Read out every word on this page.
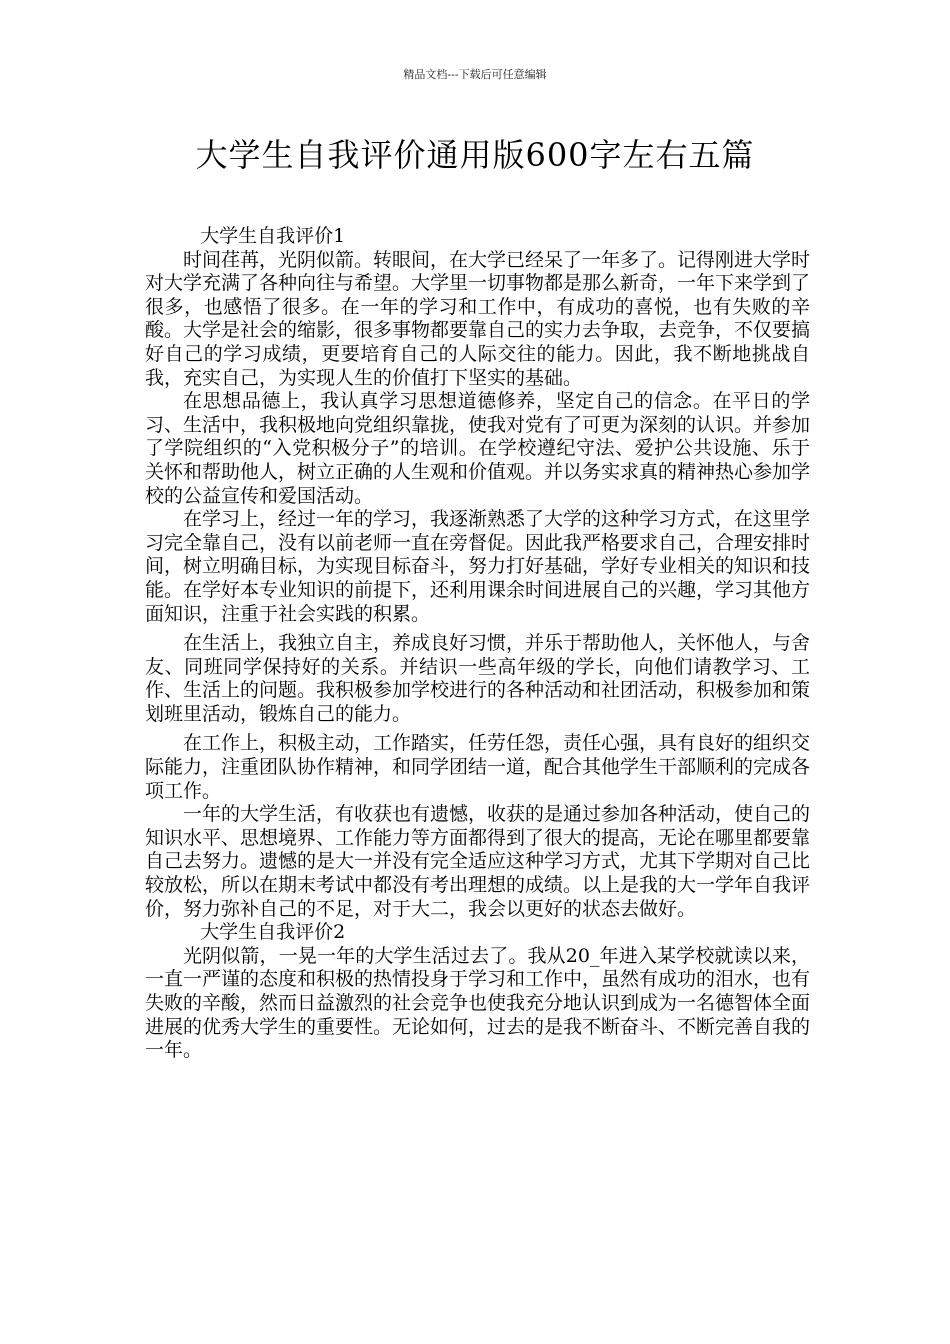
精品文档---下载后可任意编辑
大学生自我评价通用版600字左右五篇
大学生自我评价1

时间荏苒，光阴似箭。转眼间，在大学已经呆了一年多了。记得刚进大学时对大学充满了各种向往与希望。大学里一切事物都是那么新奇，一年下来学到了很多，也感悟了很多。在一年的学习和工作中，有成功的喜悦，也有失败的辛酸。大学是社会的缩影，很多事物都要靠自己的实力去争取，去竞争，不仅要搞好自己的学习成绩，更要培育自己的人际交往的能力。因此，我不断地挑战自我，充实自己，为实现人生的价值打下坚实的基础。

在思想品德上，我认真学习思想道德修养，坚定自己的信念。在平日的学习、生活中，我积极地向党组织靠拢，使我对党有了可更为深刻的认识。并参加了学院组织的“入党积极分子”的培训。在学校遵纪守法、爱护公共设施、乐于关怀和帮助他人，树立正确的人生观和价值观。并以务实求真的精神热心参加学校的公益宣传和爱国活动。

在学习上，经过一年的学习，我逐渐熟悉了大学的这种学习方式，在这里学习完全靠自己，没有以前老师一直在旁督促。因此我严格要求自己，合理安排时间，树立明确目标，为实现目标奋斗，努力打好基础，学好专业相关的知识和技能。在学好本专业知识的前提下，还利用课余时间进展自己的兴趣，学习其他方面知识，注重于社会实践的积累。

在生活上，我独立自主，养成良好习惯，并乐于帮助他人，关怀他人，与舍友、同班同学保持好的关系。并结识一些高年级的学长，向他们请教学习、工作、生活上的问题。我积极参加学校进行的各种活动和社团活动，积极参加和策划班里活动，锻炼自己的能力。

在工作上，积极主动，工作踏实，任劳任怨，责任心强，具有良好的组织交际能力，注重团队协作精神，和同学团结一道，配合其他学生干部顺利的完成各项工作。

一年的大学生活，有收获也有遗憾，收获的是通过参加各种活动，使自己的知识水平、思想境界、工作能力等方面都得到了很大的提高，无论在哪里都要靠自己去努力。遗憾的是大一并没有完全适应这种学习方式，尤其下学期对自己比较放松，所以在期末考试中都没有考出理想的成绩。以上是我的大一学年自我评价，努力弥补自己的不足，对于大二，我会以更好的状态去做好。

大学生自我评价2

光阴似箭，一晃一年的大学生活过去了。我从20_年进入某学校就读以来，一直一严谨的态度和积极的热情投身于学习和工作中，虽然有成功的泪水，也有失败的辛酸，然而日益激烈的社会竞争也使我充分地认识到成为一名德智体全面进展的优秀大学生的重要性。无论如何，过去的是我不断奋斗、不断完善自我的一年。
